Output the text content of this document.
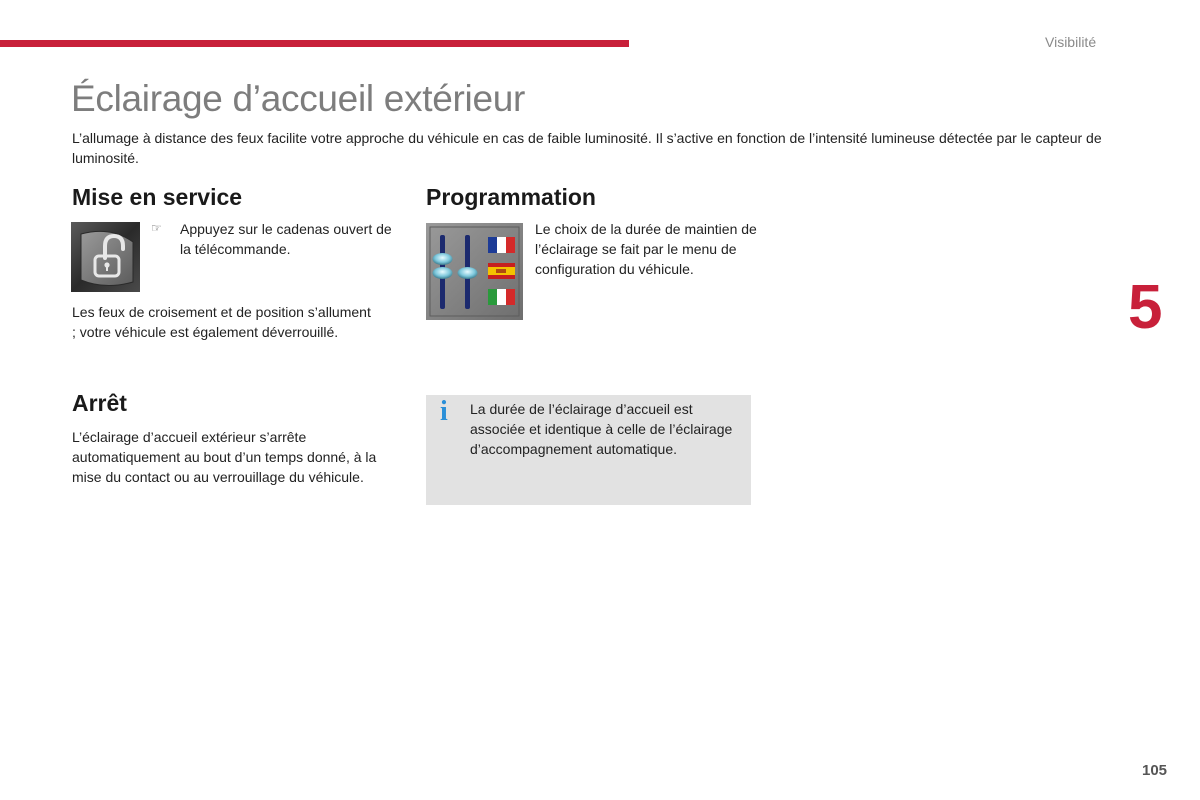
Visibilité
Éclairage d’accueil extérieur
L’allumage à distance des feux facilite votre approche du véhicule en cas de faible luminosité. Il s’active en fonction de l’intensité lumineuse détectée par le capteur de luminosité.
Mise en service
☞ Appuyez sur le cadenas ouvert de la télécommande.
Les feux de croisement et de position s’allument ; votre véhicule est également déverrouillé.
Arrêt
L’éclairage d’accueil extérieur s’arrête automatiquement au bout d’un temps donné, à la mise du contact ou au verrouillage du véhicule.
Programmation
Le choix de la durée de maintien de l’éclairage se fait par le menu de configuration du véhicule.
i La durée de l’éclairage d’accueil est associée et identique à celle de l’éclairage d’accompagnement automatique.
5
105
